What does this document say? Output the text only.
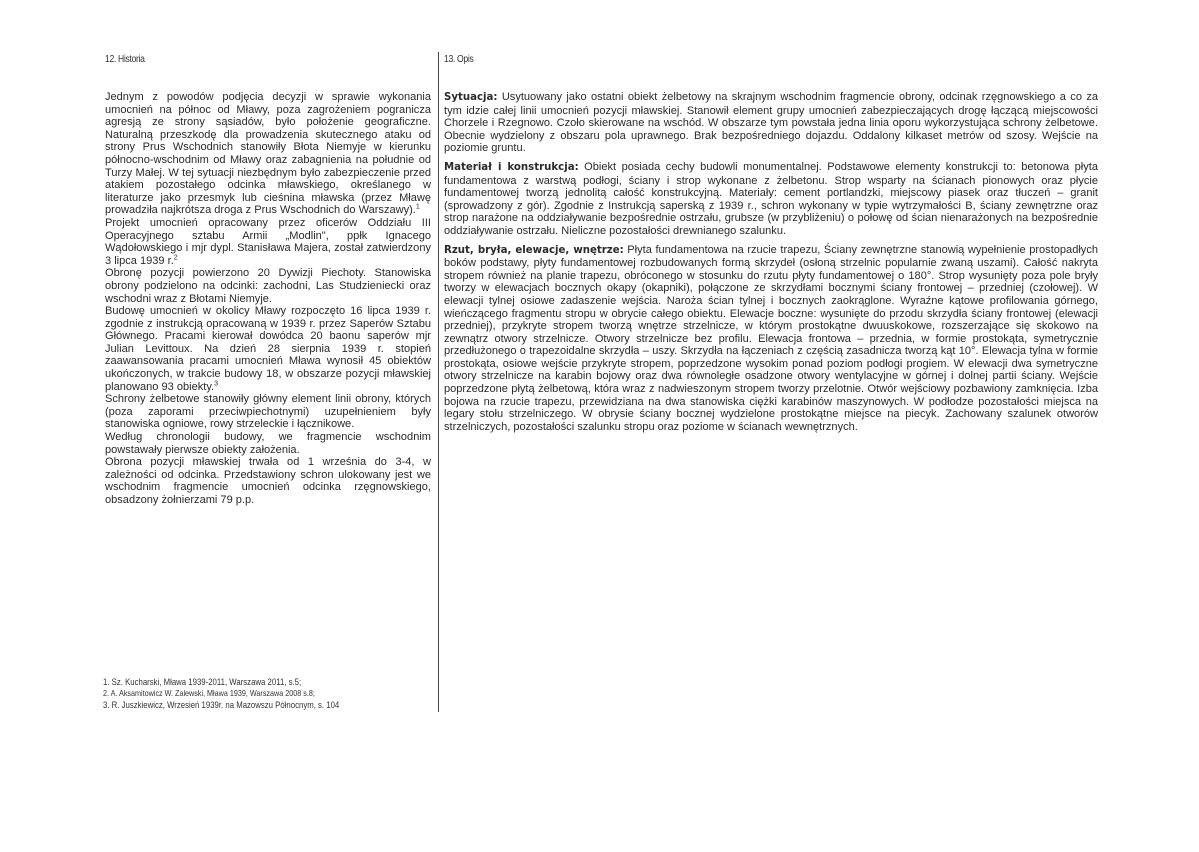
12. Historia	13. Opis

Jednym z powodów podjęcia decyzji w sprawie wykonania umocnień na północ od Mławy, poza zagrożeniem pogranicza agresją ze strony sąsiadów, było położenie geograficzne. Naturalną przeszkodę dla prowadzenia skutecznego ataku od strony Prus Wschodnich stanowiły Błota Niemyje w kierunku północno-wschodnim od Mławy oraz zabagnienia na południe od Turzy Małej. W tej sytuacji niezbędnym było zabezpieczenie przed atakiem pozostałego odcinka mławskiego, określanego w literaturze jako przesmyk lub cieśnina mławska (przez Mławę prowadziła najkrótsza droga z Prus Wschodnich do Warszawy).$^1$

Projekt umocnień opracowany przez oficerów Oddziału III Operacyjnego sztabu Armii „Modlin", ppłk Ignacego Wądołowskiego i mjr dypl. Stanisława Majera, został zatwierdzony 3 lipca 1939 r.$^2$

Obronę pozycji powierzono 20 Dywizji Piechoty. Stanowiska obrony podzielono na odcinki: zachodni, Las Studzieniecki oraz wschodni wraz z Błotami Niemyje.

Budowę umocnień w okolicy Mławy rozpoczęto 16 lipca 1939 r. zgodnie z instrukcją opracowaną w 1939 r. przez Saperów Sztabu Głównego. Pracami kierował dowódca 20 baonu saperów mjr Julian Levittoux. Na dzień 28 sierpnia 1939 r. stopień zaawansowania pracami umocnień Mława wynosił 45 obiektów ukończonych, w trakcie budowy 18, w obszarze pozycji mławskiej planowano 93 obiekty.$^3$

Schrony żelbetowe stanowiły główny element linii obrony, których (poza zaporami przeciwpiechotnymi) uzupełnieniem były stanowiska ogniowe, rowy strzeleckie i łącznikowe.

Według chronologii budowy, we fragmencie wschodnim powstawały pierwsze obiekty założenia.

Obrona pozycji mławskiej trwała od 1 września do 3-4, w zależności od odcinka. Przedstawiony schron ulokowany jest we wschodnim fragmencie umocnień odcinka rzęgnowskiego, obsadzony żołnierzami 79 p.p.

1. Sz. Kucharski, Mława 1939-2011, Warszawa 2011, s.5;

2. A. Aksamitowicz W. Zalewski, Mława 1939, Warszawa 2008 s.8;

3. R. Juszkiewicz, Wrzesień 1939r. na Mazowszu Północnym, s. 104

Sytuacja: Usytuowany jako ostatni obiekt żelbetowy na skrajnym wschodnim fragmencie obrony, odcinak rzęgnowskiego a co za tym idzie całej linii umocnień pozycji mławskiej. Stanowił element grupy umocnień zabezpieczających drogę łączącą miejscowości Chorzele i Rzegnowo. Czoło skierowane na wschód. W obszarze tym powstała jedna linia oporu wykorzystująca schrony żelbetowe. Obecnie wydzielony z obszaru pola uprawnego. Brak bezpośredniego dojazdu. Oddalony kilkaset metrów od szosy. Wejście na poziomie gruntu.

Materiał i konstrukcja: Obiekt posiada cechy budowli monumentalnej. Podstawowe elementy konstrukcji to: betonowa płyta fundamentowa z warstwą podłogi, ściany i strop wykonane z żelbetonu. Strop wsparty na ścianach pionowych oraz płycie fundamentowej tworzą jednolitą całość konstrukcyjną. Materiały: cement portlandzki, miejscowy piasek oraz tłuczeń – granit (sprowadzony z gór). Zgodnie z Instrukcją saperską z 1939 r., schron wykonany w typie wytrzymałości B, ściany zewnętrzne oraz strop narażone na oddziaływanie bezpośrednie ostrzału, grubsze (w przybliżeniu) o połowę od ścian nienarażonych na bezpośrednie oddziaływanie ostrzału. Nieliczne pozostałości drewnianego szalunku.

Rzut, bryła, elewacje, wnętrze: Płyta fundamentowa na rzucie trapezu, Ściany zewnętrzne stanowią wypełnienie prostopadłych boków podstawy, płyty fundamentowej rozbudowanych formą skrzydeł (osłoną strzelnic popularnie zwaną uszami). Całość nakryta stropem również na planie trapezu, obróconego w stosunku do rzutu płyty fundamentowej o 180°. Strop wysunięty poza pole bryły tworzy w elewacjach bocznych okapy (okapniki), połączone ze skrzydłami bocznymi ściany frontowej – przedniej (czołowej). W elewacji tylnej osiowe zadaszenie wejścia. Naroża ścian tylnej i bocznych zaokrąglone. Wyraźne kątowe profilowania górnego, wieńczącego fragmentu stropu w obrycie całego obiektu. Elewacje boczne: wysunięte do przodu skrzydła ściany frontowej (elewacji przedniej), przykryte stropem tworzą wnętrze strzelnicze, w którym prostokątne dwuuskokowe, rozszerzające się skokowo na zewnątrz otwory strzelnicze. Otwory strzelnicze bez profilu. Elewacja frontowa – przednia, w formie prostokąta, symetrycznie przedłużonego o trapezoidalne skrzydła – uszy. Skrzydła na łączeniach z częścią zasadnicza tworzą kąt 10°. Elewacja tylna w formie prostokąta, osiowe wejście przykryte stropem, poprzedzone wysokim ponad poziom podłogi progiem. W elewacji dwa symetryczne otwory strzelnicze na karabin bojowy oraz dwa równoległe osadzone otwory wentylacyjne w górnej i dolnej partii ściany. Wejście poprzedzone płytą żelbetową, która wraz z nadwieszonym stropem tworzy przelotnie. Otwór wejściowy pozbawiony zamknięcia. Izba bojowa na rzucie trapezu, przewidziana na dwa stanowiska ciężki karabinów maszynowych. W podłodze pozostałości miejsca na legary stołu strzelniczego. W obrysie ściany bocznej wydzielone prostokątne miejsce na piecyk. Zachowany szalunek otworów strzelniczych, pozostałości szalunku stropu oraz poziome w ścianach wewnętrznych.
